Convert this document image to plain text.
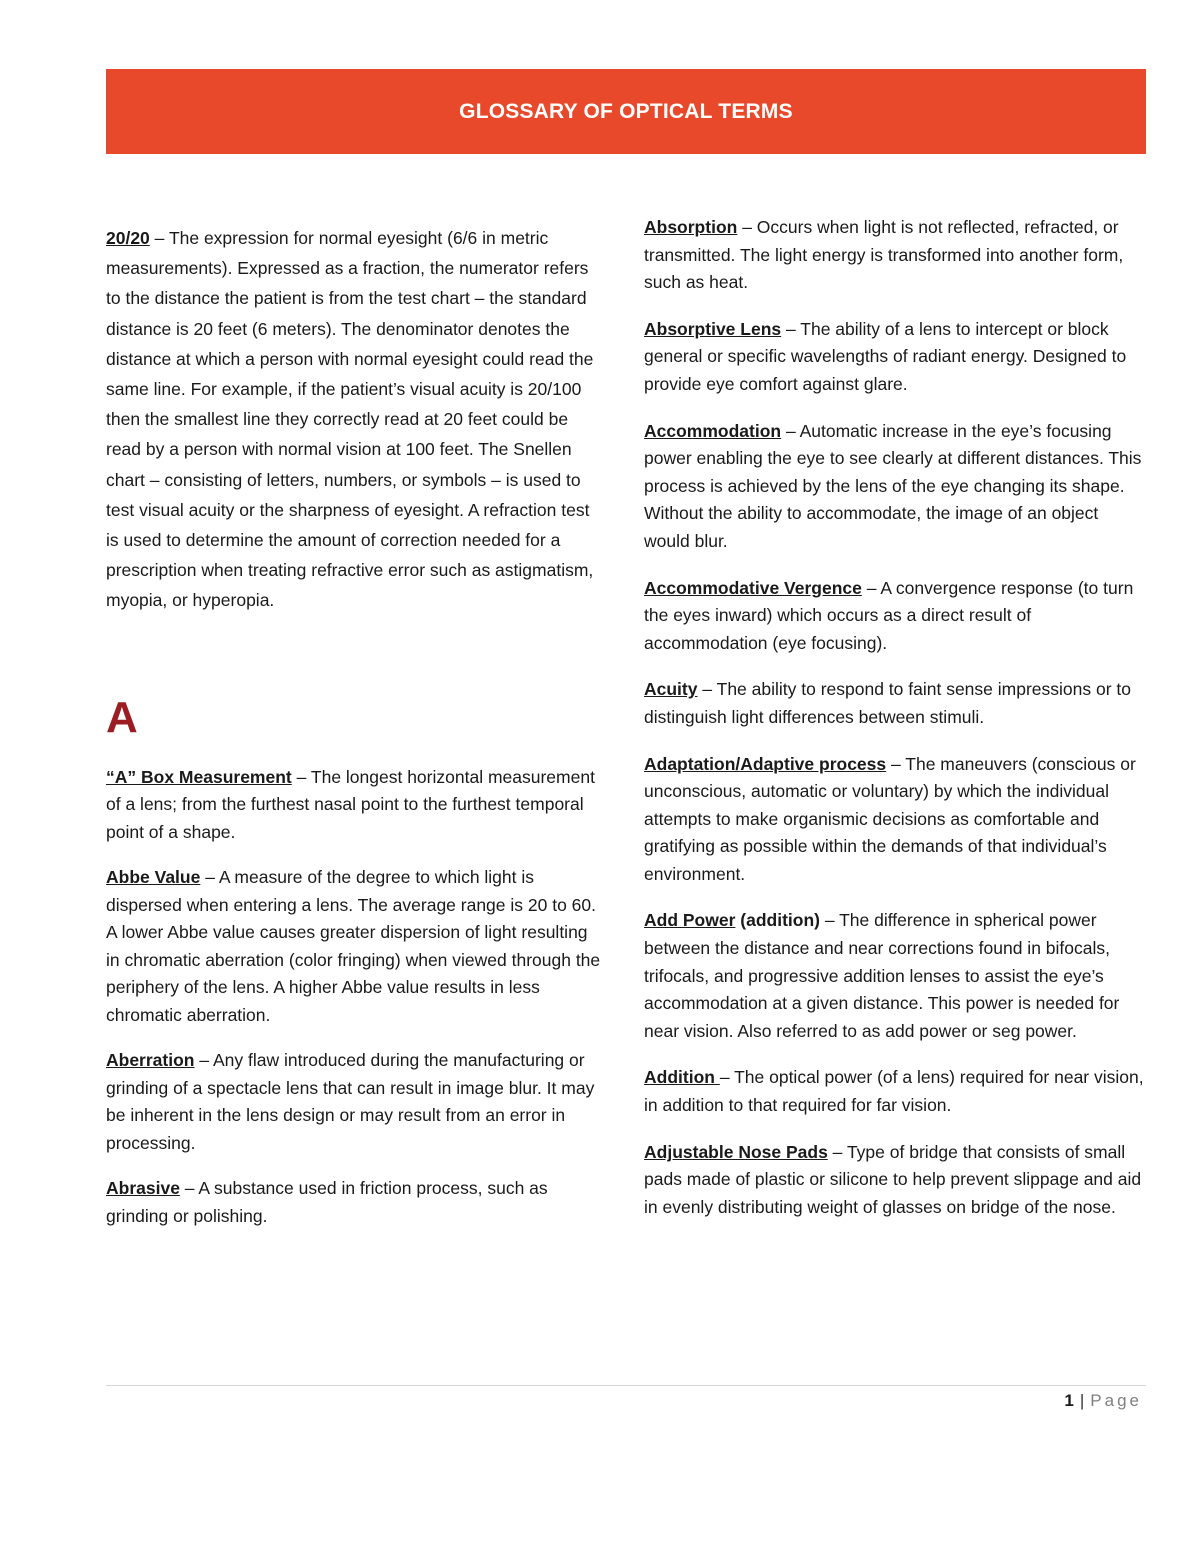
GLOSSARY OF OPTICAL TERMS

20/20 – The expression for normal eyesight (6/6 in metric measurements). Expressed as a fraction, the numerator refers to the distance the patient is from the test chart – the standard distance is 20 feet (6 meters). The denominator denotes the distance at which a person with normal eyesight could read the same line. For example, if the patient’s visual acuity is 20/100 then the smallest line they correctly read at 20 feet could be read by a person with normal vision at 100 feet. The Snellen chart – consisting of letters, numbers, or symbols – is used to test visual acuity or the sharpness of eyesight. A refraction test is used to determine the amount of correction needed for a prescription when treating refractive error such as astigmatism, myopia, or hyperopia.

A

“A” Box Measurement – The longest horizontal measurement of a lens; from the furthest nasal point to the furthest temporal point of a shape.

Abbe Value – A measure of the degree to which light is dispersed when entering a lens. The average range is 20 to 60. A lower Abbe value causes greater dispersion of light resulting in chromatic aberration (color fringing) when viewed through the periphery of the lens. A higher Abbe value results in less chromatic aberration.

Aberration – Any flaw introduced during the manufacturing or grinding of a spectacle lens that can result in image blur. It may be inherent in the lens design or may result from an error in processing.

Abrasive – A substance used in friction process, such as grinding or polishing.

Absorption – Occurs when light is not reflected, refracted, or transmitted. The light energy is transformed into another form, such as heat.

Absorptive Lens – The ability of a lens to intercept or block general or specific wavelengths of radiant energy. Designed to provide eye comfort against glare.

Accommodation – Automatic increase in the eye’s focusing power enabling the eye to see clearly at different distances. This process is achieved by the lens of the eye changing its shape. Without the ability to accommodate, the image of an object would blur.

Accommodative Vergence – A convergence response (to turn the eyes inward) which occurs as a direct result of accommodation (eye focusing).

Acuity – The ability to respond to faint sense impressions or to distinguish light differences between stimuli.

Adaptation/Adaptive process – The maneuvers (conscious or unconscious, automatic or voluntary) by which the individual attempts to make organismic decisions as comfortable and gratifying as possible within the demands of that individual’s environment.

Add Power (addition) – The difference in spherical power between the distance and near corrections found in bifocals, trifocals, and progressive addition lenses to assist the eye’s accommodation at a given distance. This power is needed for near vision. Also referred to as add power or seg power.

Addition – The optical power (of a lens) required for near vision, in addition to that required for far vision.

Adjustable Nose Pads – Type of bridge that consists of small pads made of plastic or silicone to help prevent slippage and aid in evenly distributing weight of glasses on bridge of the nose.

1 | Page
